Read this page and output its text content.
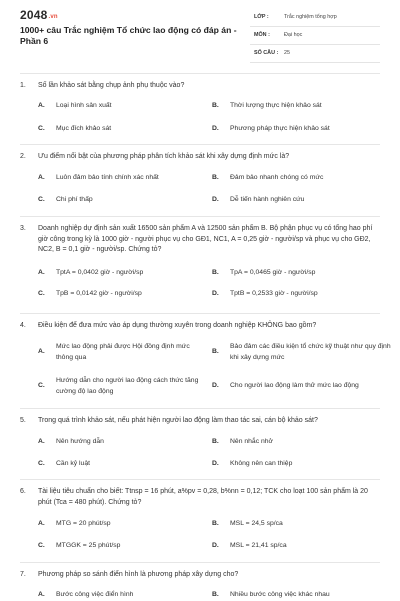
2048.vn
1000+ câu Trắc nghiệm Tổ chức lao động có đáp án - Phần 6
LỚP :	Trắc nghiệm tổng hợp
MÔN :	Đại học
SỐ CÂU : 25
1.	Số lần khảo sát bằng chụp ảnh phụ thuộc vào?
A. Loại hình sản xuất	B. Thời lượng thực hiện khảo sát
C. Mục đích khảo sát	D. Phương pháp thực hiện khảo sát
2.	Ưu điểm nổi bật của phương pháp phân tích khảo sát khi xây dựng định mức là?
A. Luôn đảm bảo tính chính xác nhất	B. Đảm bảo nhanh chóng có mức
C. Chi phí thấp	D. Dễ tiến hành nghiên cứu
3.	Doanh nghiệp dự định sản xuất 16500 sản phẩm A và 12500 sản phẩm B. Bộ phận phục vụ có tổng hao phí giờ công trong kỳ là 1000 giờ - người phục vụ cho GĐ1, NC1, A = 0,25 giờ - người/sp và phục vụ cho GĐ2, NC2, B = 0,1 giờ - người/sp. Chứng tỏ?
A. TptA = 0,0402 giờ - người/sp	B. TpA = 0,0465 giờ - người/sp
C. TpB = 0,0142 giờ - người/sp	D. TptB = 0,2533 giờ - người/sp
4.	Điều kiện để đưa mức vào áp dụng thường xuyên trong doanh nghiệp KHÔNG bao gồm?
A.
Mức lao động phải được Hội đồng định mức thông qua
B.
Bảo đảm các điều kiện tổ chức kỹ thuật như quy định khi xây dựng mức
C.
Hướng dẫn cho người lao động cách thức tăng cường độ lao động
D. Cho người lao động làm thử mức lao động
5.	Trong quá trình khảo sát, nếu phát hiện người lao động làm thao tác sai, cán bộ khảo sát?
A. Nên hướng dẫn	B. Nên nhắc nhở
C. Cần kỷ luật	D. Không nên can thiệp
6.	Tài liệu tiêu chuẩn cho biết: Ttnsp = 16 phút, a%pv = 0,28, b%nn = 0,12; TCK cho loạt 100 sản phẩm là 20 phút (Tca = 480 phút). Chứng tỏ?
A. MTG = 20 phút/sp	B. MSL = 24,5 sp/ca
C. MTGGK = 25 phút/sp	D. MSL = 21,41 sp/ca
7.	Phương pháp so sánh điển hình là phương pháp xây dựng cho?
A. Bước công việc điển hình	B. Nhiều bước công việc khác nhau
